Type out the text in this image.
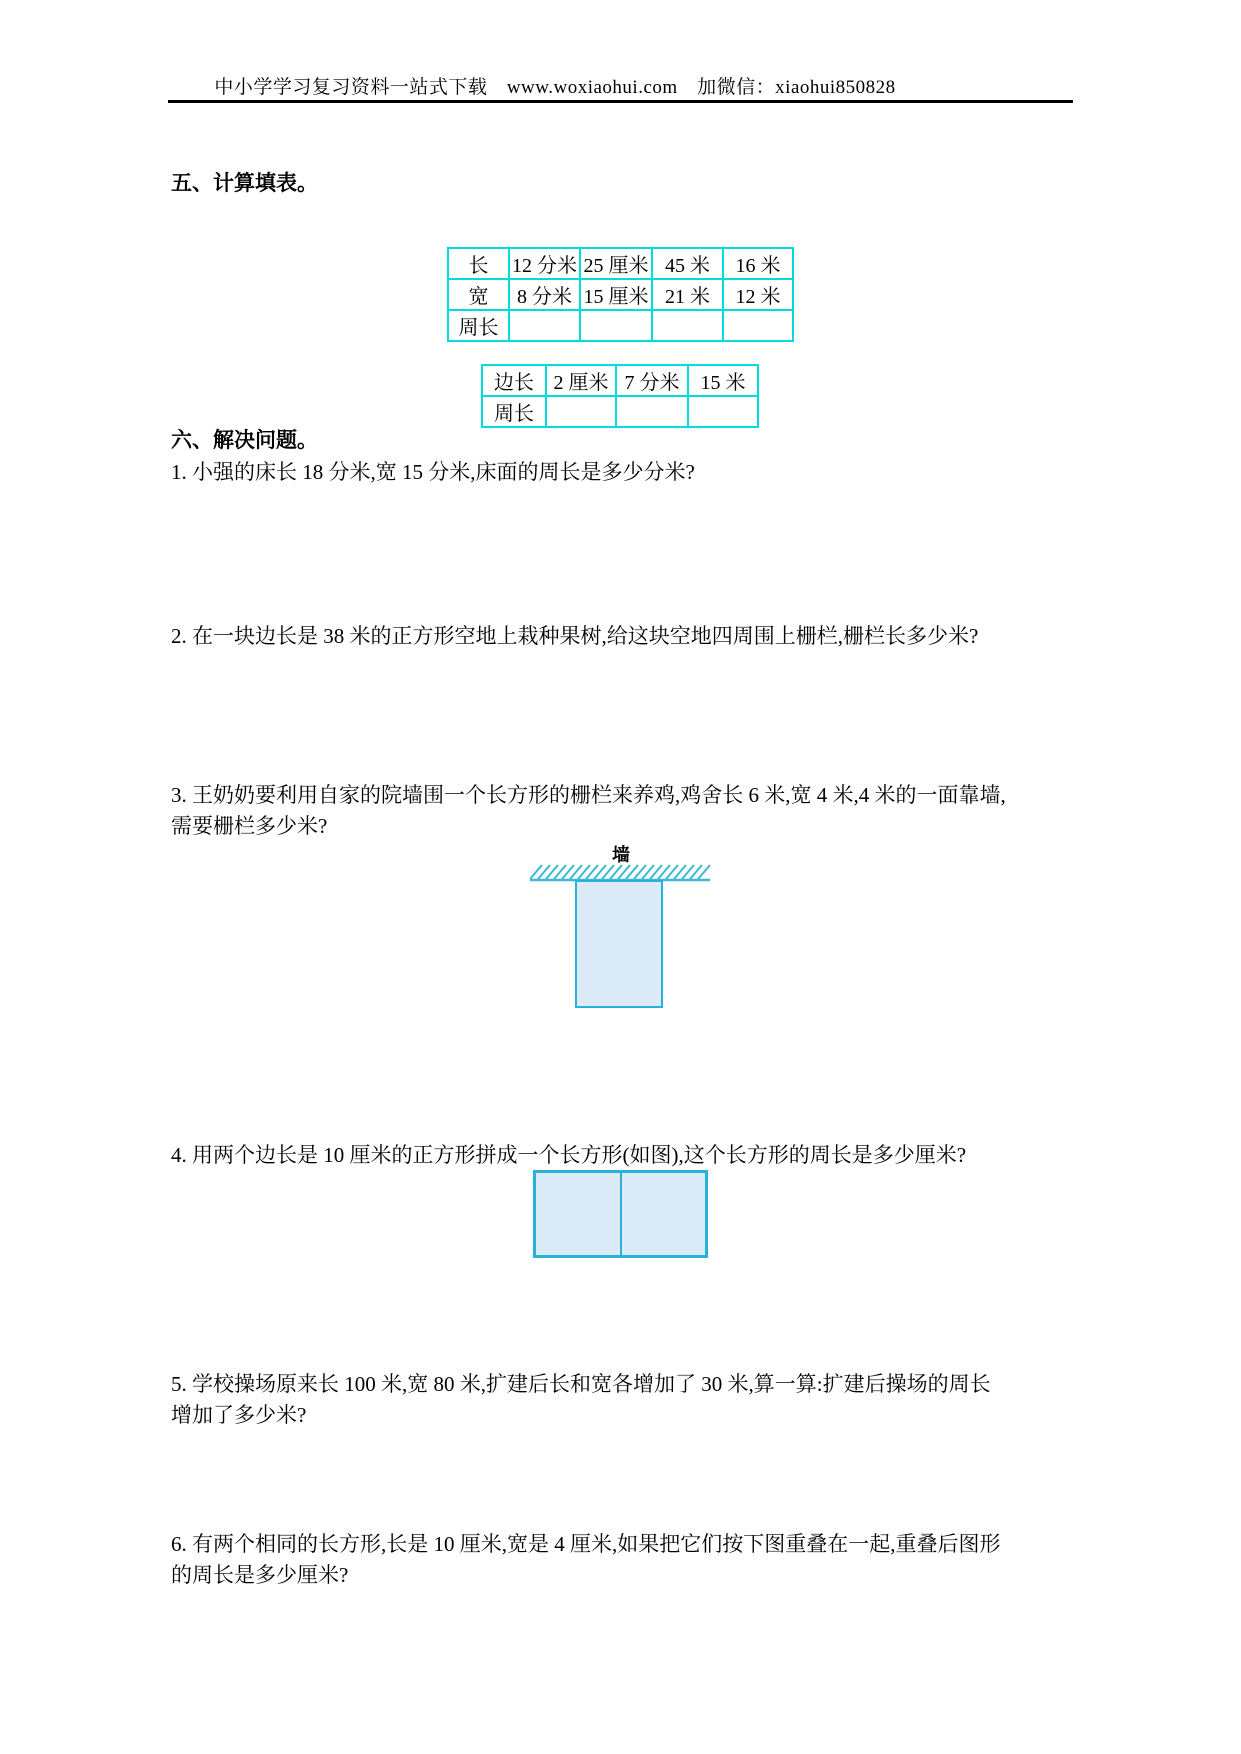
中小学学习复习资料一站式下载　www.woxiaohui.com　加微信：xiaohui850828
五、计算填表。
长	12 分米	25 厘米	45 米	16 米
宽	8 分米	15 厘米	21 米	12 米
周长				
边长	2 厘米	7 分米	15 米
周长			
六、解决问题。
1. 小强的床长 18 分米,宽 15 分米,床面的周长是多少分米?
2. 在一块边长是 38 米的正方形空地上栽种果树,给这块空地四周围上栅栏,栅栏长多少米?
3. 王奶奶要利用自家的院墙围一个长方形的栅栏来养鸡,鸡舍长 6 米,宽 4 米,4 米的一面靠墙,
需要栅栏多少米?
墙
4. 用两个边长是 10 厘米的正方形拼成一个长方形(如图),这个长方形的周长是多少厘米?
5. 学校操场原来长 100 米,宽 80 米,扩建后长和宽各增加了 30 米,算一算:扩建后操场的周长
增加了多少米?
6. 有两个相同的长方形,长是 10 厘米,宽是 4 厘米,如果把它们按下图重叠在一起,重叠后图形
的周长是多少厘米?
